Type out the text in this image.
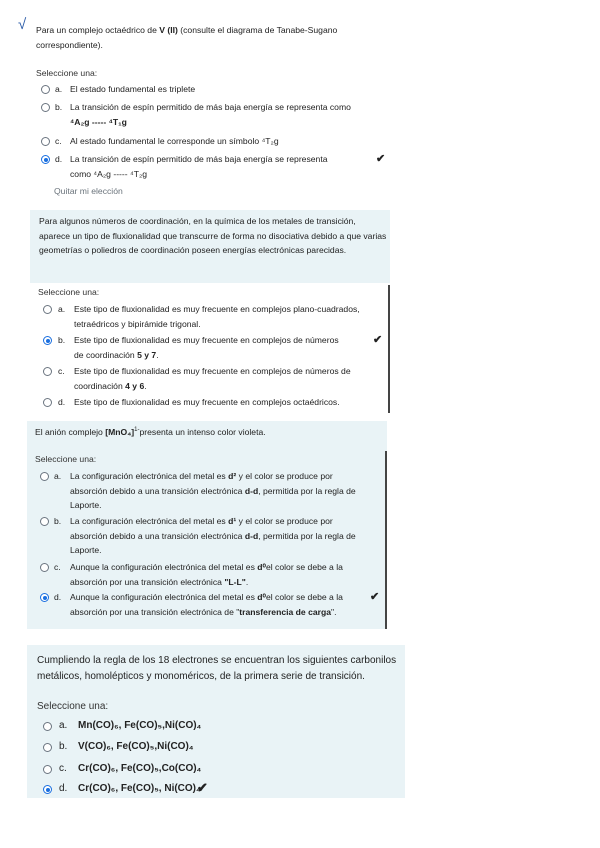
√ Para un complejo octaédrico de V (II) (consulte el diagrama de Tanabe-Sugano correspondiente).
Seleccione una:
a. El estado fundamental es triplete
b. La transición de espín permitido de más baja energía se representa como
⁴A₂g ----- ⁴T₁g
c. Al estado fundamental le corresponde un símbolo ⁴T₂g
d. La transición de espín permitido de más baja energía se representa
como ⁴A₂g ----- ⁴T₂g
✔
Quitar mi elección
Para algunos números de coordinación, en la química de los metales de transición, aparece un tipo de fluxionalidad que transcurre de forma no disociativa debido a que varias geometrías o poliedros de coordinación poseen energías electrónicas parecidas.
Seleccione una:
a. Este tipo de fluxionalidad es muy frecuente en complejos plano-cuadrados,
tetraédricos y bipirámide trigonal.
b. Este tipo de fluxionalidad es muy frecuente en complejos de números
de coordinación 5 y 7.
✔
c. Este tipo de fluxionalidad es muy frecuente en complejos de números de
coordinación 4 y 6.
d. Este tipo de fluxionalidad es muy frecuente en complejos octaédricos.
El anión complejo $[MnO_4]^{1-}presenta$ un intenso color violeta.
Seleccione una:
a. La configuración electrónica del metal es d² y el color se produce por
absorción debido a una transición electrónica d-d, permitida por la regla de
Laporte.
b. La configuración electrónica del metal es d¹ y el color se produce por
absorción debido a una transición electrónica d-d, permitida por la regla de
Laporte.
c. Aunque la configuración electrónica del metal es d⁰el color se debe a la
absorción por una transición electrónica "L-L".
d. Aunque la configuración electrónica del metal es d⁰el color se debe a la
absorción por una transición electrónica de "transferencia de carga".
✔
Cumpliendo la regla de los 18 electrones se encuentran los siguientes carbonilos metálicos, homolépticos y monoméricos, de la primera serie de transición.
Seleccione una:
a. Mn(CO)₆, Fe(CO)₅,Ni(CO)₄
b. V(CO)₆, Fe(CO)₅,Ni(CO)₄
c. Cr(CO)₆, Fe(CO)₅,Co(CO)₄
d. Cr(CO)₆, Fe(CO)₅, Ni(CO)₄
✔
